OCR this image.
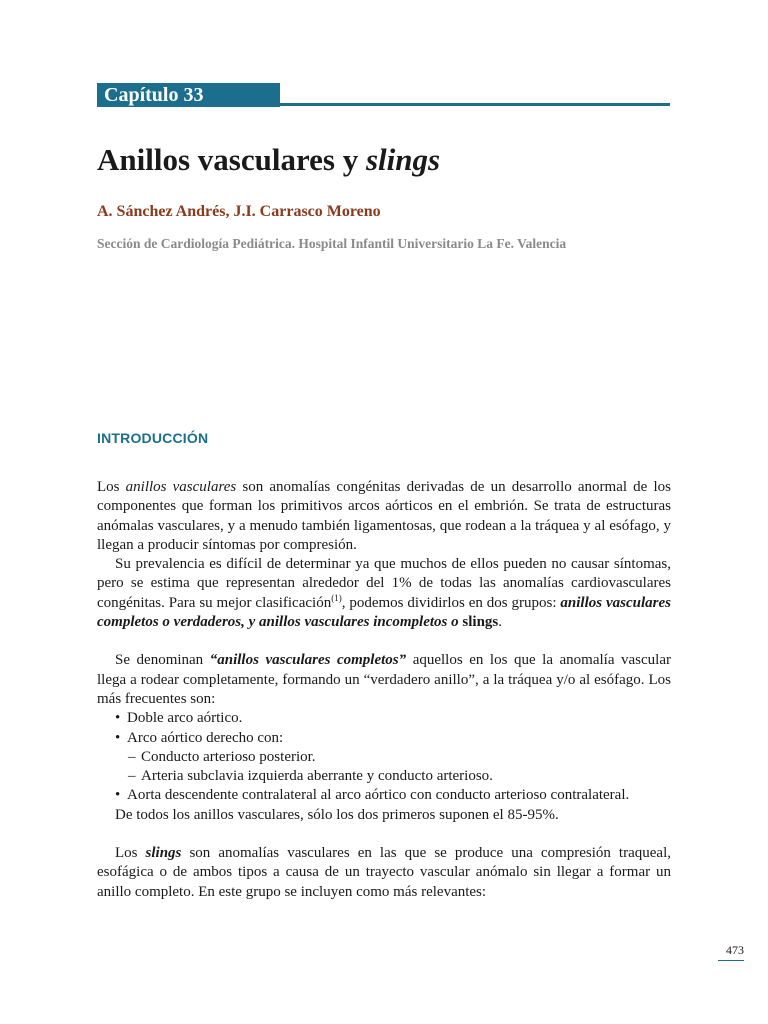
Capítulo 33
Anillos vasculares y slings

A. Sánchez Andrés, J.I. Carrasco Moreno

Sección de Cardiología Pediátrica. Hospital Infantil Universitario La Fe. Valencia

INTRODUCCIÓN

Los anillos vasculares son anomalías congénitas derivadas de un desarrollo anormal de los componentes que forman los primitivos arcos aórticos en el embrión. Se trata de estructuras anómalas vasculares, y a menudo también ligamentosas, que rodean a la tráquea y al esófago, y llegan a producir síntomas por compresión.

Su prevalencia es difícil de determinar ya que muchos de ellos pueden no causar síntomas, pero se estima que representan alrededor del 1% de todas las anomalías cardiovasculares congénitas. Para su mejor clasificación$^{(1)}$, podemos dividirlos en dos grupos: anillos vasculares completos o verdaderos, y anillos vasculares incompletos o slings.

Se denominan “anillos vasculares completos” aquellos en los que la anomalía vascular llega a rodear completamente, formando un “verdadero anillo”, a la tráquea y/o al esófago. Los más frecuentes son:

• Doble arco aórtico.
• Arco aórtico derecho con:
– Conducto arterioso posterior.
– Arteria subclavia izquierda aberrante y conducto arterioso.
• Aorta descendente contralateral al arco aórtico con conducto arterioso contralateral.

De todos los anillos vasculares, sólo los dos primeros suponen el 85-95%.

Los slings son anomalías vasculares en las que se produce una compresión traqueal, esofágica o de ambos tipos a causa de un trayecto vascular anómalo sin llegar a formar un anillo completo. En este grupo se incluyen como más relevantes:

473
